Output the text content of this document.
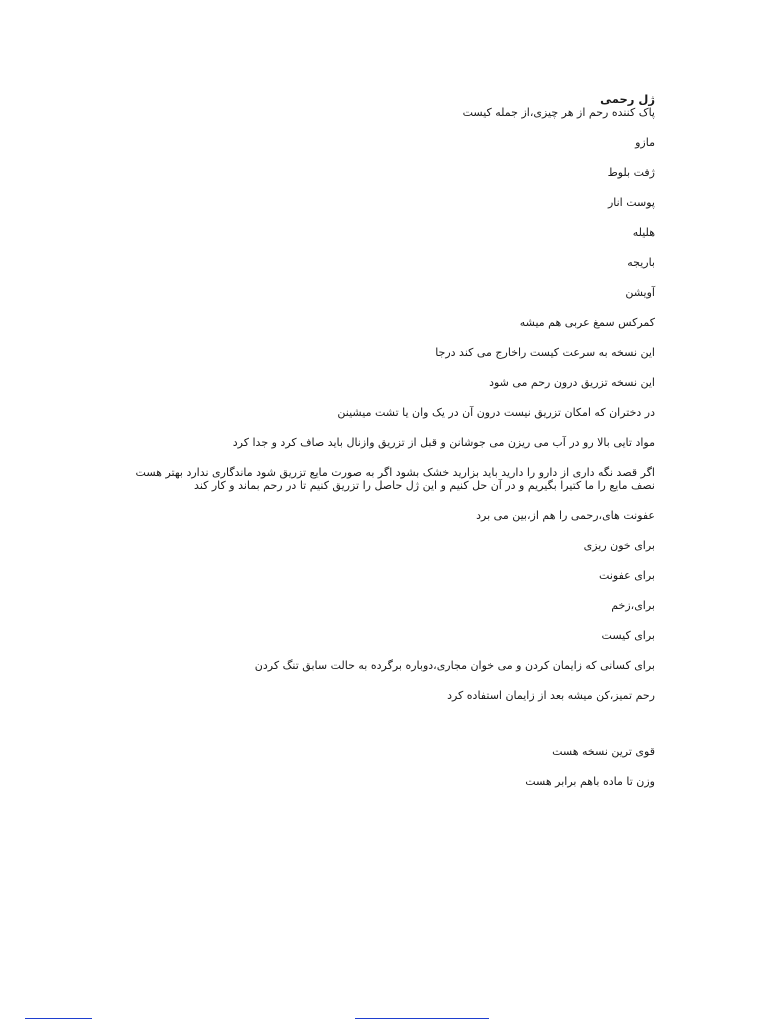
ژل رحمی
پاک کننده رحم از هر چیزی،از جمله کیست
مازو
ژفت بلوط
پوست انار
هلیله
باریجه
آویشن
کمرکس سمغ عربی هم میشه
این نسخه به سرعت کیست راخارج می کند درجا
این نسخه تزریق درون رحم می شود
در دختران که امکان تزریق نیست درون آن در یک وان یا تشت میشینن
مواد تایی بالا رو در آب می ریزن می جوشانن و قبل از تزریق وازنال باید صاف کرد و جدا کرد
اگر قصد نگه داری از دارو را دارید باید بزارید خشک بشود اگر به صورت مایع تزریق شود ماندگاری ندارد بهتر هست نصف مایع را ما کتیرا بگیریم و در آن حل کنیم و این ژل حاصل را تزریق کنیم تا در رحم بماند و کار کند
عفونت های،رحمی را هم از،بین می برد
برای خون ریزی
برای عفونت
برای،زخم
برای کیست
برای کسانی که زایمان کردن و می خوان مجاری،دوباره برگرده به حالت سابق تنگ کردن
رحم تمیز،کن میشه بعد از زایمان استفاده کرد
قوی ترین نسخه هست
وزن تا ماده باهم برابر هست
